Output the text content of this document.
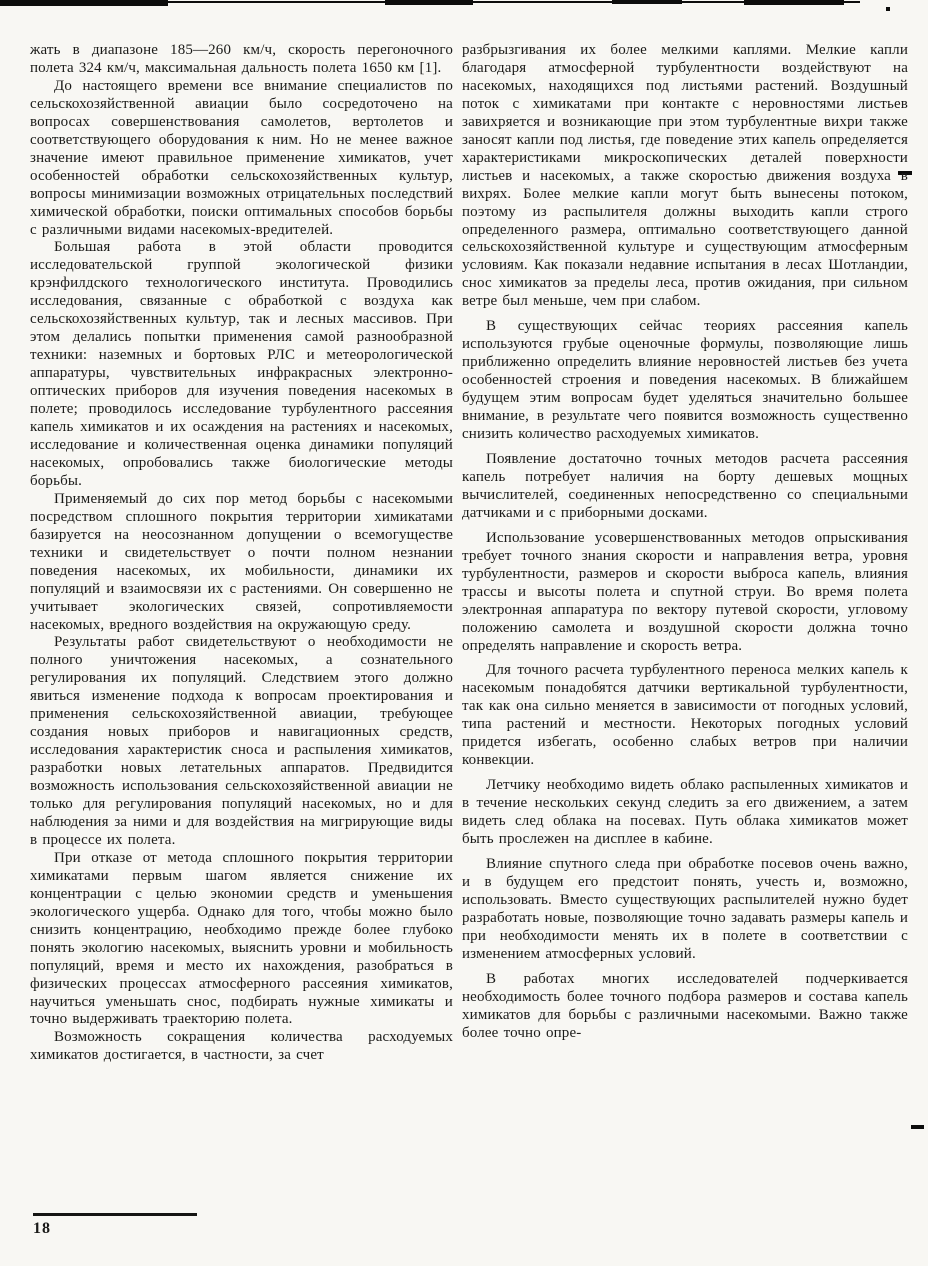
жать в диапазоне 185—260 км/ч, скорость перегоночного полета 324 км/ч, максимальная дальность полета 1650 км [1].

До настоящего времени все внимание специалистов по сельскохозяйственной авиации было сосредоточено на вопросах совершенствования самолетов, вертолетов и соответствующего оборудования к ним. Но не менее важное значение имеют правильное применение химикатов, учет особенностей обработки сельскохозяйственных культур, вопросы минимизации возможных отрицательных последствий химической обработки, поиски оптимальных способов борьбы с различными видами насекомых-вредителей.

Большая работа в этой области проводится исследовательской группой экологической физики крэнфилдского технологического института. Проводились исследования, связанные с обработкой с воздуха как сельскохозяйственных культур, так и лесных массивов. При этом делались попытки применения самой разнообразной техники: наземных и бортовых РЛС и метеорологической аппаратуры, чувствительных инфракрасных электронно-оптических приборов для изучения поведения насекомых в полете; проводилось исследование турбулентного рассеяния капель химикатов и их осаждения на растениях и насекомых, исследование и количественная оценка динамики популяций насекомых, опробовались также биологические методы борьбы.

Применяемый до сих пор метод борьбы с насекомыми посредством сплошного покрытия территории химикатами базируется на неосознанном допущении о всемогуществе техники и свидетельствует о почти полном незнании поведения насекомых, их мобильности, динамики их популяций и взаимосвязи их с растениями. Он совершенно не учитывает экологических связей, сопротивляемости насекомых, вредного воздействия на окружающую среду.

Результаты работ свидетельствуют о необходимости не полного уничтожения насекомых, а сознательного регулирования их популяций. Следствием этого должно явиться изменение подхода к вопросам проектирования и применения сельскохозяйственной авиации, требующее создания новых приборов и навигационных средств, исследования характеристик сноса и распыления химикатов, разработки новых летательных аппаратов. Предвидится возможность использования сельскохозяйственной авиации не только для регулирования популяций насекомых, но и для наблюдения за ними и для воздействия на мигрирующие виды в процессе их полета.

При отказе от метода сплошного покрытия территории химикатами первым шагом является снижение их концентрации с целью экономии средств и уменьшения экологического ущерба. Однако для того, чтобы можно было снизить концентрацию, необходимо прежде более глубоко понять экологию насекомых, выяснить уровни и мобильность популяций, время и место их нахождения, разобраться в физических процессах атмосферного рассеяния химикатов, научиться уменьшать снос, подбирать нужные химикаты и точно выдерживать траекторию полета.

Возможность сокращения количества расходуемых химикатов достигается, в частности, за счет

разбрызгивания их более мелкими каплями. Мелкие капли благодаря атмосферной турбулентности воздействуют на насекомых, находящихся под листьями растений. Воздушный поток с химикатами при контакте с неровностями листьев завихряется и возникающие при этом турбулентные вихри также заносят капли под листья, где поведение этих капель определяется характеристиками микроскопических деталей поверхности листьев и насекомых, а также скоростью движения воздуха в вихрях. Более мелкие капли могут быть вынесены потоком, поэтому из распылителя должны выходить капли строго определенного размера, оптимально соответствующего данной сельскохозяйственной культуре и существующим атмосферным условиям. Как показали недавние испытания в лесах Шотландии, снос химикатов за пределы леса, против ожидания, при сильном ветре был меньше, чем при слабом.

В существующих сейчас теориях рассеяния капель используются грубые оценочные формулы, позволяющие лишь приближенно определить влияние неровностей листьев без учета особенностей строения и поведения насекомых. В ближайшем будущем этим вопросам будет уделяться значительно большее внимание, в результате чего появится возможность существенно снизить количество расходуемых химикатов.

Появление достаточно точных методов расчета рассеяния капель потребует наличия на борту дешевых мощных вычислителей, соединенных непосредственно со специальными датчиками и с приборными досками.

Использование усовершенствованных методов опрыскивания требует точного знания скорости и направления ветра, уровня турбулентности, размеров и скорости выброса капель, влияния трассы и высоты полета и спутной струи. Во время полета электронная аппаратура по вектору путевой скорости, угловому положению самолета и воздушной скорости должна точно определять направление и скорость ветра.

Для точного расчета турбулентного переноса мелких капель к насекомым понадобятся датчики вертикальной турбулентности, так как она сильно меняется в зависимости от погодных условий, типа растений и местности. Некоторых погодных условий придется избегать, особенно слабых ветров при наличии конвекции.

Летчику необходимо видеть облако распыленных химикатов и в течение нескольких секунд следить за его движением, а затем видеть след облака на посевах. Путь облака химикатов может быть прослежен на дисплее в кабине.

Влияние спутного следа при обработке посевов очень важно, и в будущем его предстоит понять, учесть и, возможно, использовать. Вместо существующих распылителей нужно будет разработать новые, позволяющие точно задавать размеры капель и при необходимости менять их в полете в соответствии с изменением атмосферных условий.

В работах многих исследователей подчеркивается необходимость более точного подбора размеров и состава капель химикатов для борьбы с различными насекомыми. Важно также более точно опре-

18
